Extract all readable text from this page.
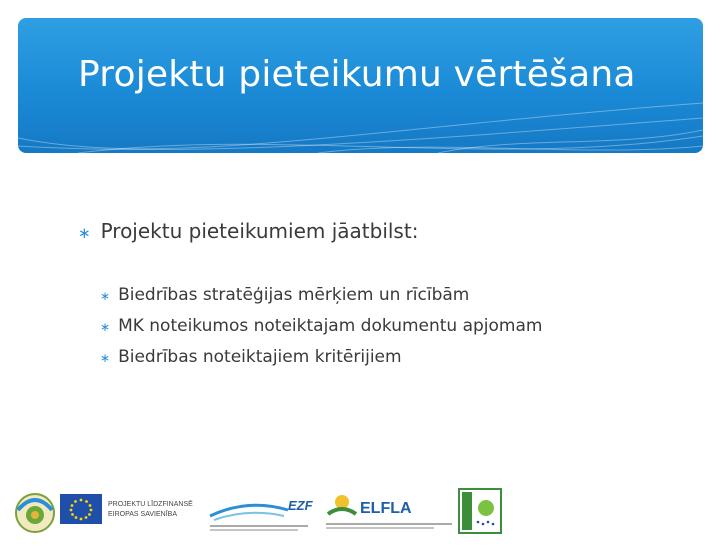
Projektu pieteikumu vērtēšana
∗ Projektu pieteikumiem jāatbilst:
∗ Biedrības stratēģijas mērķiem un rīcībām
∗ MK noteikumos noteiktajam dokumentu apjomam
∗ Biedrības noteiktajiem kritērijiem
PROJEKTU LĪDZFINANSĒ
EIROPAS SAVIENĪBA
EZF	ELFLA
